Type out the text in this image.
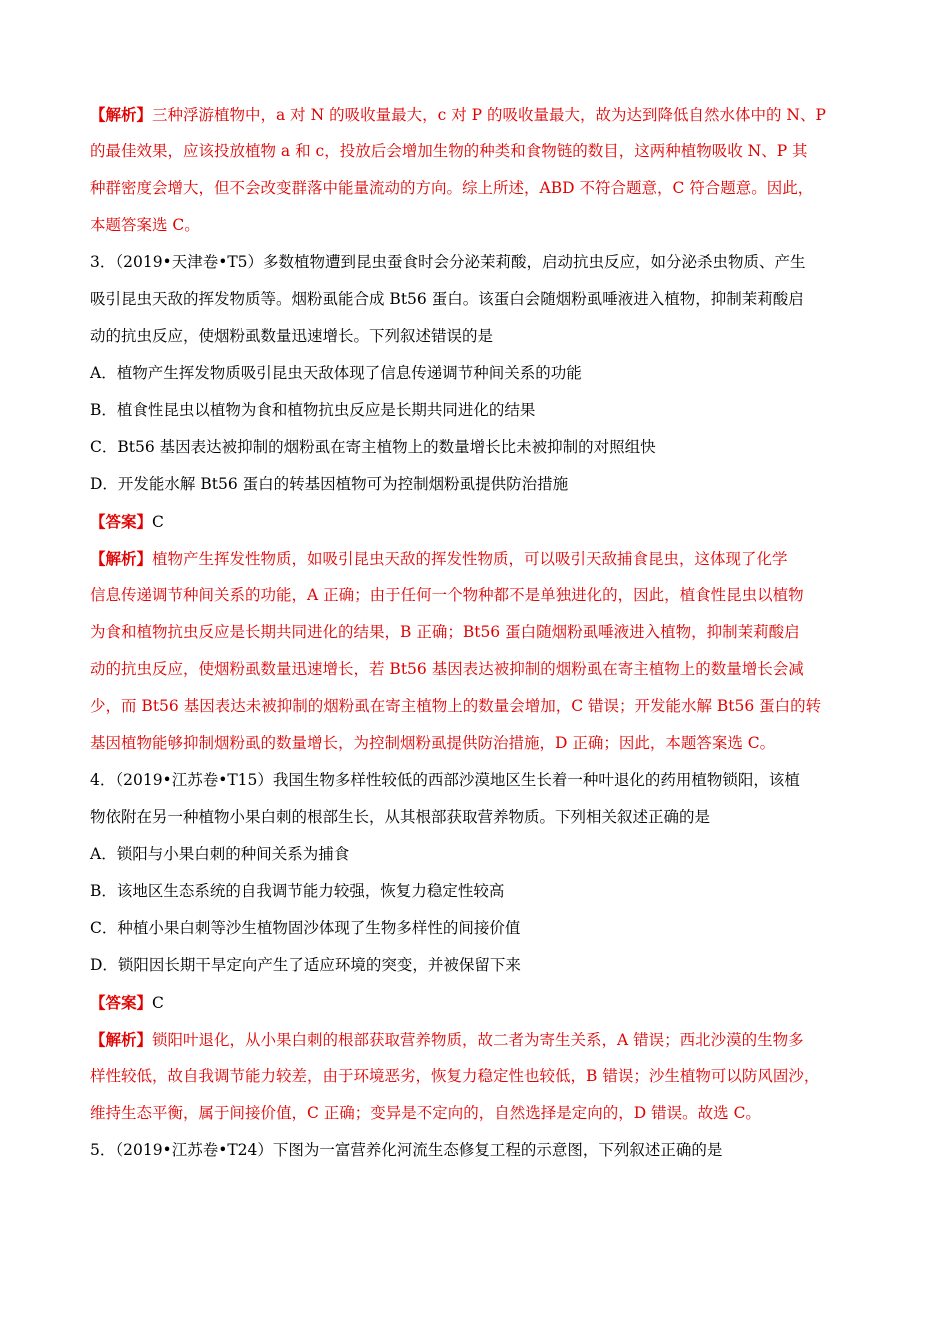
【解析】三种浮游植物中，a 对 N 的吸收量最大，c 对 P 的吸收量最大，故为达到降低自然水体中的 N、P
的最佳效果，应该投放植物 a 和 c，投放后会增加生物的种类和食物链的数目，这两种植物吸收 N、P 其
种群密度会增大，但不会改变群落中能量流动的方向。综上所述，ABD 不符合题意，C 符合题意。因此，
本题答案选 C。
3．（2019•天津卷•T5）多数植物遭到昆虫蚕食时会分泌茉莉酸，启动抗虫反应，如分泌杀虫物质、产生
吸引昆虫天敌的挥发物质等。烟粉虱能合成 Bt56 蛋白。该蛋白会随烟粉虱唾液进入植物，抑制茉莉酸启
动的抗虫反应，使烟粉虱数量迅速增长。下列叙述错误的是
A．植物产生挥发物质吸引昆虫天敌体现了信息传递调节种间关系的功能
B．植食性昆虫以植物为食和植物抗虫反应是长期共同进化的结果
C．Bt56 基因表达被抑制的烟粉虱在寄主植物上的数量增长比未被抑制的对照组快
D．开发能水解 Bt56 蛋白的转基因植物可为控制烟粉虱提供防治措施
【答案】C
【解析】植物产生挥发性物质，如吸引昆虫天敌的挥发性物质，可以吸引天敌捕食昆虫，这体现了化学
信息传递调节种间关系的功能，A 正确；由于任何一个物种都不是单独进化的，因此，植食性昆虫以植物
为食和植物抗虫反应是长期共同进化的结果，B 正确；Bt56 蛋白随烟粉虱唾液进入植物，抑制茉莉酸启
动的抗虫反应，使烟粉虱数量迅速增长，若 Bt56 基因表达被抑制的烟粉虱在寄主植物上的数量增长会减
少，而 Bt56 基因表达未被抑制的烟粉虱在寄主植物上的数量会增加，C 错误；开发能水解 Bt56 蛋白的转
基因植物能够抑制烟粉虱的数量增长，为控制烟粉虱提供防治措施，D 正确；因此，本题答案选 C。
4．（2019•江苏卷•T15）我国生物多样性较低的西部沙漠地区生长着一种叶退化的药用植物锁阳，该植
物依附在另一种植物小果白刺的根部生长，从其根部获取营养物质。下列相关叙述正确的是
A．锁阳与小果白刺的种间关系为捕食
B．该地区生态系统的自我调节能力较强，恢复力稳定性较高
C．种植小果白刺等沙生植物固沙体现了生物多样性的间接价值
D．锁阳因长期干旱定向产生了适应环境的突变，并被保留下来
【答案】C
【解析】锁阳叶退化，从小果白刺的根部获取营养物质，故二者为寄生关系，A 错误；西北沙漠的生物多
样性较低，故自我调节能力较差，由于环境恶劣，恢复力稳定性也较低，B 错误；沙生植物可以防风固沙，
维持生态平衡，属于间接价值，C 正确；变异是不定向的，自然选择是定向的，D 错误。故选 C。
5．（2019•江苏卷•T24）下图为一富营养化河流生态修复工程的示意图，下列叙述正确的是
